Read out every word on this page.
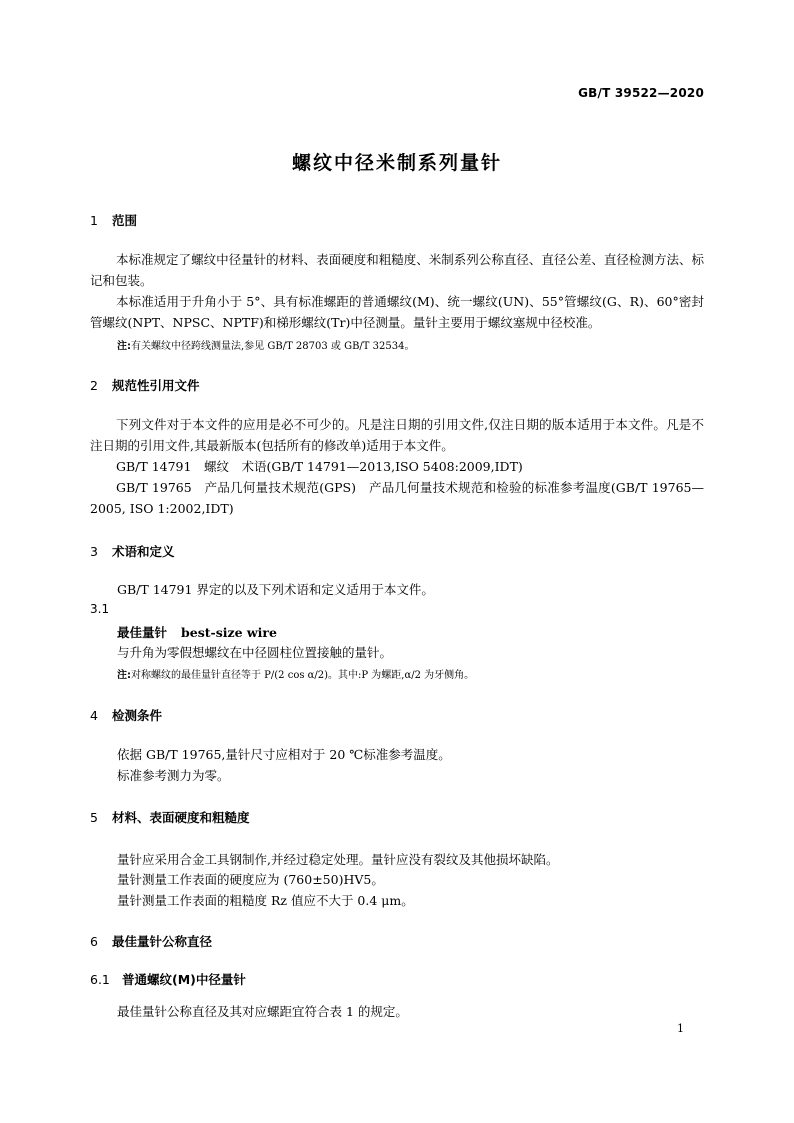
GB/T 39522—2020
螺纹中径米制系列量针
1 范围
本标准规定了螺纹中径量针的材料、表面硬度和粗糙度、米制系列公称直径、直径公差、直径检测方法、标记和包装。
本标准适用于升角小于 5°、具有标准螺距的普通螺纹(M)、统一螺纹(UN)、55°管螺纹(G、R)、60°密封管螺纹(NPT、NPSC、NPTF)和梯形螺纹(Tr)中径测量。量针主要用于螺纹塞规中径校准。
注:有关螺纹中径跨线测量法,参见 GB/T 28703 或 GB/T 32534。
2 规范性引用文件
下列文件对于本文件的应用是必不可少的。凡是注日期的引用文件,仅注日期的版本适用于本文件。凡是不注日期的引用文件,其最新版本(包括所有的修改单)适用于本文件。
GB/T 14791　螺纹　术语(GB/T 14791—2013,ISO 5408:2009,IDT)
GB/T 19765　产品几何量技术规范(GPS)　产品几何量技术规范和检验的标准参考温度(GB/T 19765—2005, ISO 1:2002,IDT)
3 术语和定义
GB/T 14791 界定的以及下列术语和定义适用于本文件。
3.1
最佳量针 best-size wire
与升角为零假想螺纹在中径圆柱位置接触的量针。
注:对称螺纹的最佳量针直径等于 P/(2 cos α/2)。其中:P 为螺距,α/2 为牙侧角。
4 检测条件
依据 GB/T 19765,量针尺寸应相对于 20 ℃标准参考温度。
标准参考测力为零。
5 材料、表面硬度和粗糙度
量针应采用合金工具钢制作,并经过稳定处理。量针应没有裂纹及其他损坏缺陷。
量针测量工作表面的硬度应为 (760±50)HV5。
量针测量工作表面的粗糙度 Rz 值应不大于 0.4 μm。
6 最佳量针公称直径
6.1 普通螺纹(M)中径量针
最佳量针公称直径及其对应螺距宜符合表 1 的规定。
1
